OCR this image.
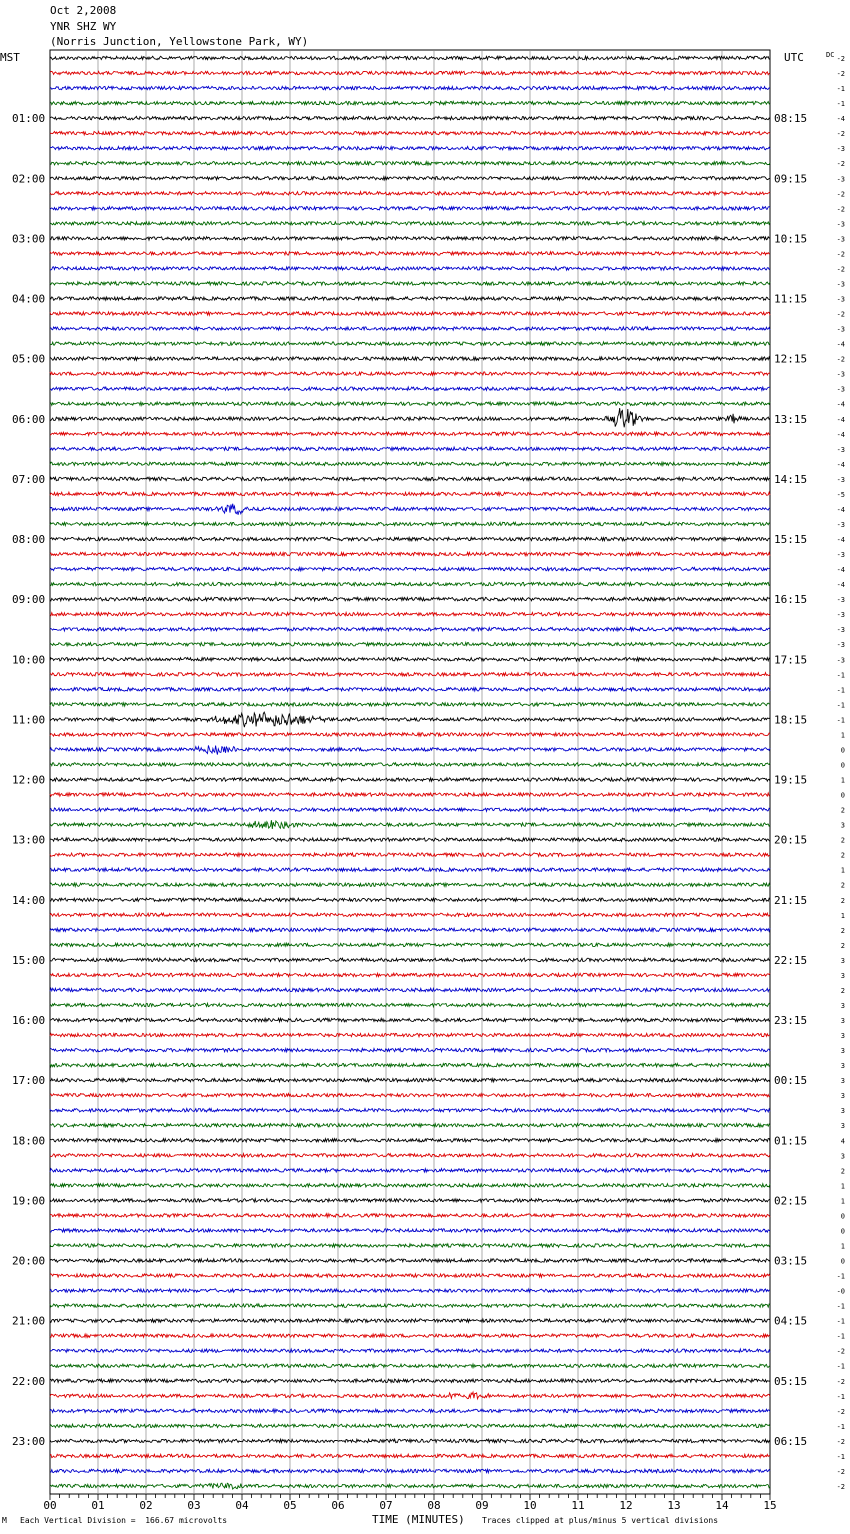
Oct 2,2008
YNR SHZ WY
(Norris Junction, Yellowstone Park, WY)
MST	UTC	-2
-2
-1
-1
-4
-2
-3
-2
-3
-2
-2
-3
-3
-2
-2
-3
-3
-2
-3
-4
-2
-3
-3
-4
-4
-4
-3
-4
-3
-5
-4
-3
-4
-3
-4
-4
-3
-3
-3
-3
-3
-1
-1
-1
-1
1
0
0
1
0
2
3
2
2
1
2
2
1
2
2
3
3
2
3
3
3
3
3
3
3
3
3
4
3
2
1
1
0
0
1
0
-1
-0
-1
-1
-1
-2
-1
-2
-1
-2
-1
-2
-1
-2
-2
DC
01:00
02:00
03:00
04:00
05:00
06:00
07:00
08:00
09:00
10:00
11:00
12:00
13:00
14:00
15:00
16:00
17:00
18:00
19:00
20:00
21:00
22:00
23:00
08:15
09:15
10:15
11:15
12:15
13:15
14:15
15:15
16:15
17:15
18:15
19:15
20:15
21:15
22:15
23:15
00:15
01:15
02:15
03:15
04:15
05:15
06:15
00	01	02	03	04	05	06	07	08	09	10	11	12	13	14	15
M Each Vertical Division =  166.67 microvolts	TIME (MINUTES) Traces clipped at plus/minus 5 vertical divisions
